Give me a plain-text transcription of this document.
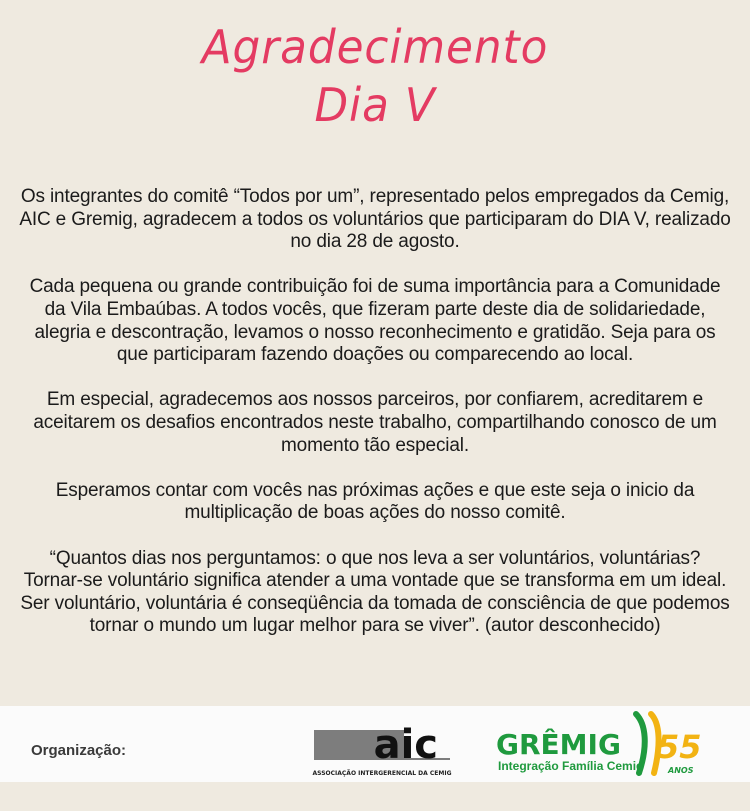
Agradecimento
Dia V

Os integrantes do comitê “Todos por um”, representado pelos empregados da Cemig, AIC e Gremig, agradecem a todos os voluntários que participaram do DIA V, realizado no dia 28 de agosto.

Cada pequena ou grande contribuição foi de suma importância para a Comunidade da Vila Embaúbas. A todos vocês, que fizeram parte deste dia de solidariedade, alegria e descontração, levamos o nosso reconhecimento e gratidão. Seja para os que participaram fazendo doações ou comparecendo ao local.

Em especial, agradecemos aos nossos parceiros, por confiarem, acreditarem e aceitarem os desafios encontrados neste trabalho, compartilhando conosco de um momento tão especial.

Esperamos contar com vocês nas próximas ações e que este seja o inicio da multiplicação de boas ações do nosso comitê.

“Quantos dias nos perguntamos: o que nos leva a ser voluntários, voluntárias? Tornar-se voluntário significa atender a uma vontade que se transforma em um ideal. Ser voluntário, voluntária é conseqüência da tomada de consciência de que podemos tornar o mundo um lugar melhor para se viver”. (autor desconhecido)

Organização:	aic
ASSOCIAÇÃO INTERGERENCIAL DA CEMIG
GRÊMIG
Integração Família Cemig 55
ANOS
